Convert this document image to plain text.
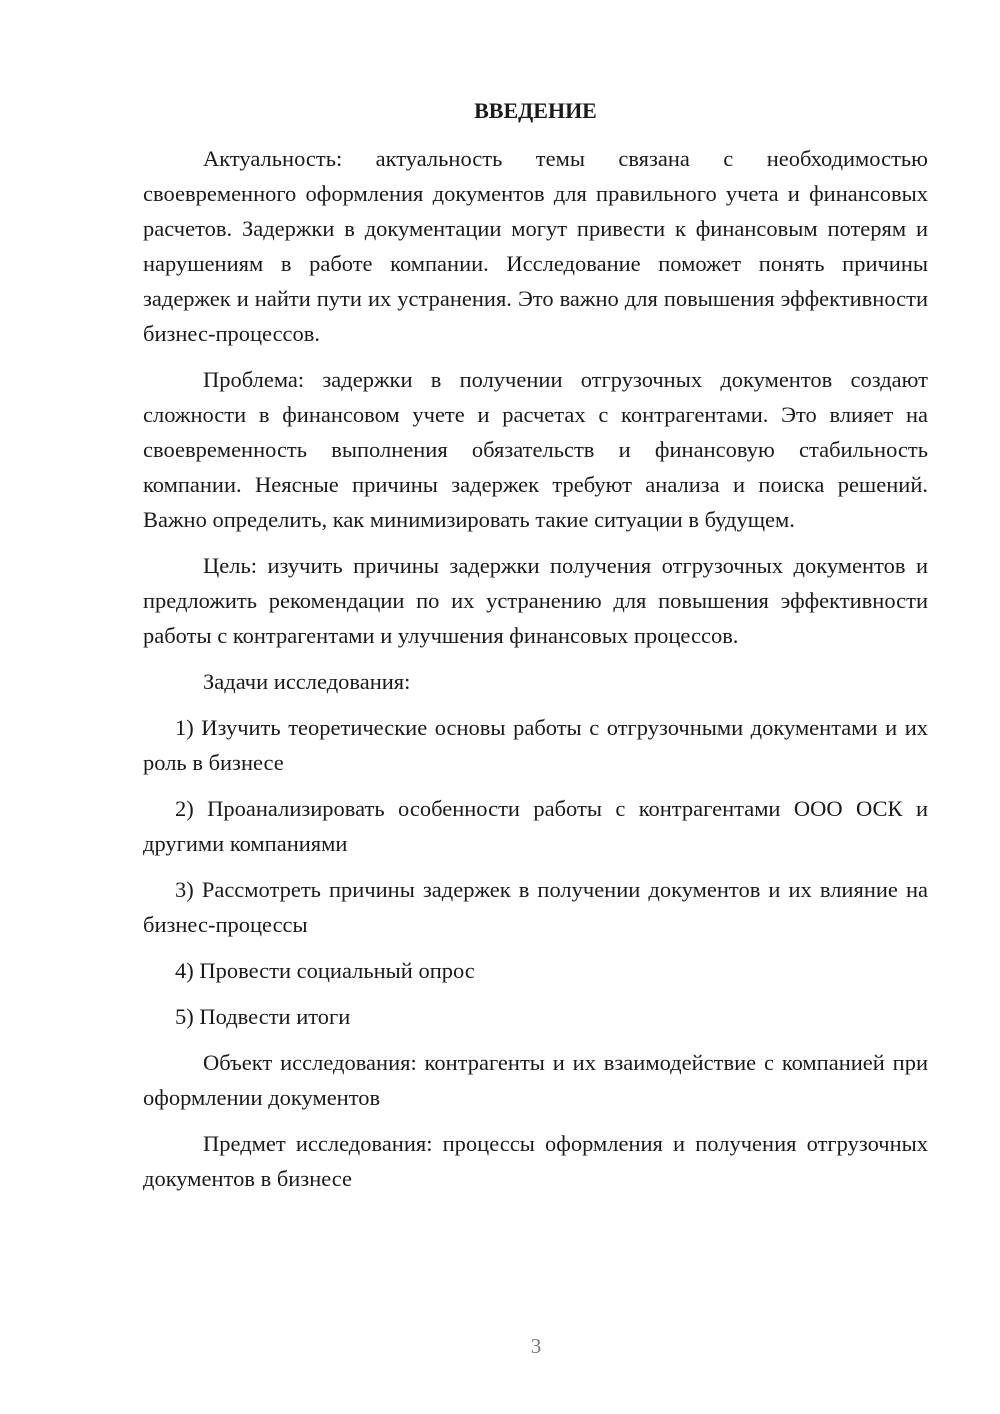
ВВЕДЕНИЕ

Актуальность: актуальность темы связана с необходимостью своевременного оформления документов для правильного учета и финансовых расчетов. Задержки в документации могут привести к финансовым потерям и нарушениям в работе компании. Исследование поможет понять причины задержек и найти пути их устранения. Это важно для повышения эффективности бизнес-процессов.

Проблема: задержки в получении отгрузочных документов создают сложности в финансовом учете и расчетах с контрагентами. Это влияет на своевременность выполнения обязательств и финансовую стабильность компании. Неясные причины задержек требуют анализа и поиска решений. Важно определить, как минимизировать такие ситуации в будущем.

Цель: изучить причины задержки получения отгрузочных документов и предложить рекомендации по их устранению для повышения эффективности работы с контрагентами и улучшения финансовых процессов.

Задачи исследования:

1) Изучить теоретические основы работы с отгрузочными документами и их роль в бизнесе

2) Проанализировать особенности работы с контрагентами ООО ОСК и другими компаниями

3) Рассмотреть причины задержек в получении документов и их влияние на бизнес-процессы

4) Провести социальный опрос

5) Подвести итоги

Объект исследования: контрагенты и их взаимодействие с компанией при оформлении документов

Предмет исследования: процессы оформления и получения отгрузочных документов в бизнесе

3
